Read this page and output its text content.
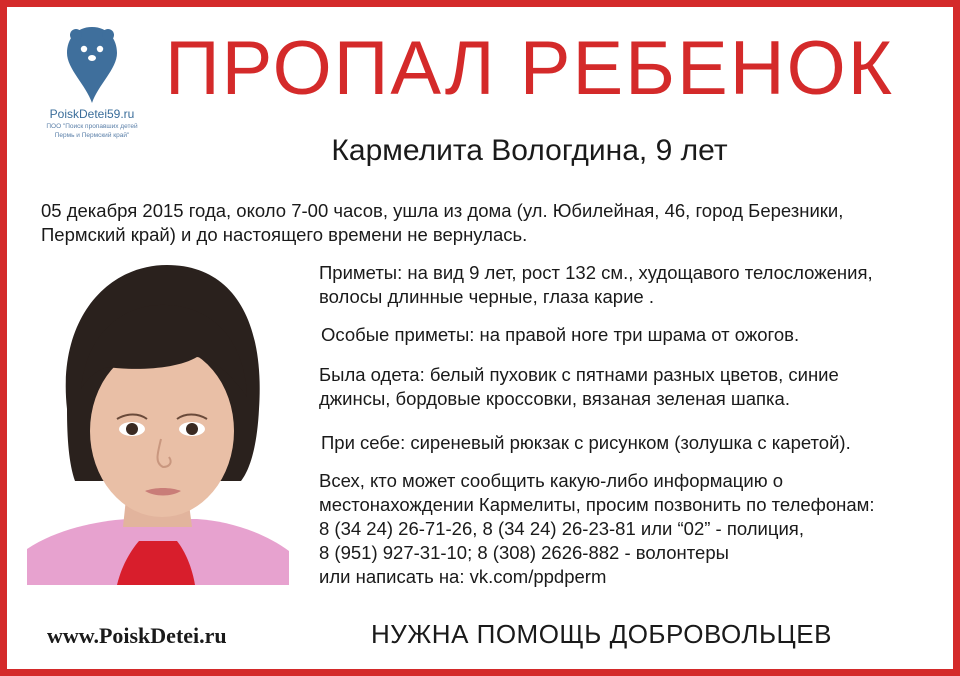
PoiskDetei59.ru
ПОО "Поиск пропавших детей
Пермь и Пермский край"
ПРОПАЛ РЕБЕНОК
Кармелита Вологдина, 9 лет
05 декабря 2015 года, около 7-00 часов, ушла из дома (ул. Юбилейная, 46, город Березники,
Пермский край) и до настоящего времени не вернулась.

Приметы: на вид 9 лет, рост 132 см., худощавого телосложения,

волосы длинные черные, глаза карие .

Особые приметы: на правой ноге три шрама от ожогов.

Была одета: белый пуховик с пятнами разных цветов, синие

джинсы, бордовые кроссовки, вязаная зеленая шапка.

При себе: сиреневый рюкзак с рисунком (золушка с каретой).

Всех, кто может сообщить какую-либо информацию о

местонахождении Кармелиты, просим позвонить по телефонам:

8 (34 24) 26-71-26, 8 (34 24) 26-23-81 или “02” - полиция,

8 (951) 927-31-10; 8 (308) 2626-882 - волонтеры

или написать на: vk.com/ppdperm

www.PoiskDetei.ru	НУЖНА ПОМОЩЬ ДОБРОВОЛЬЦЕВ
